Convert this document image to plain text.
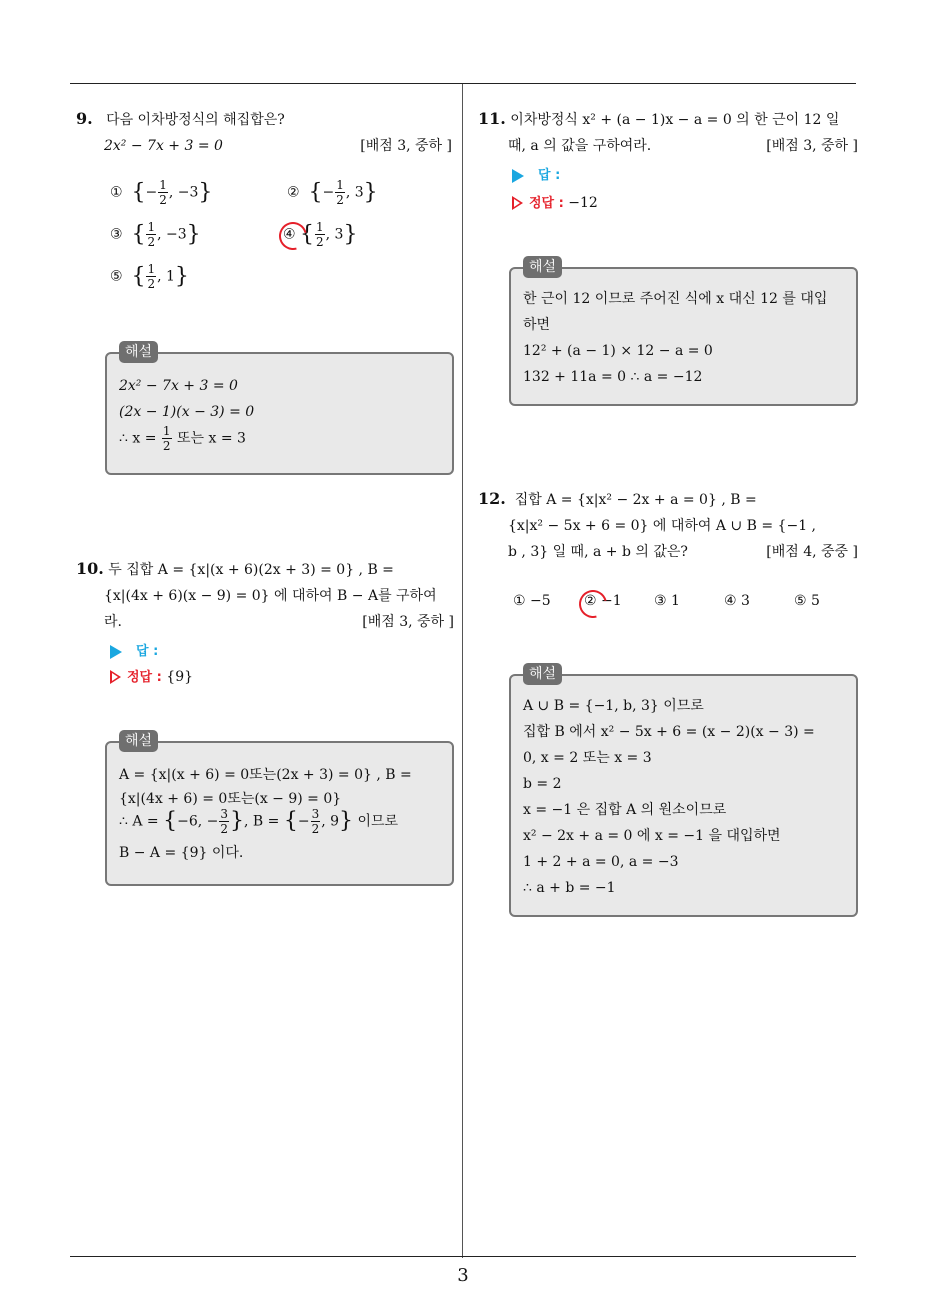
9. 다음 이차방정식의 해집합은?
2x² − 7x + 3 = 0	[배점 3, 중하 ]
① {− $\frac{1}{2}$ , −3}	② {− $\frac{1}{2}$ , 3}
③ { $\frac{1}{2}$ , −3}	④ { $\frac{1}{2}$ , 3}
⑤ { $\frac{1}{2}$ , 1}
해설
2x² − 7x + 3 = 0
(2x − 1)(x − 3) = 0
∴ $x = \frac{1}{2}$ 또는 x = 3
10. 두 집합 A = {x|(x + 6)(2x + 3) = 0} , B =
{x|(4x + 6)(x − 9) = 0} 에 대하여 B − A를 구하여
라.	[배점 3, 중하 ]
답 :
정답 : {9}
해설
A = {x|(x + 6) = 0또는(2x + 3) = 0} , B =
{x|(4x + 6) = 0또는(x − 9) = 0}
∴ A = {−6, − $\frac{3}{2}$ }, B = {− $\frac{3}{2}$ , 9} 이므로
B − A = {9} 이다.
11. 이차방정식 x² + (a − 1)x − a = 0 의 한 근이 12 일
때, a 의 값을 구하여라.	[배점 3, 중하 ]
답 :
정답 : −12
해설
한 근이 12 이므로 주어진 식에 x 대신 12 를 대입
하면
12² + (a − 1) × 12 − a = 0
132 + 11a = 0 ∴ a = −12
12. 집합 A = {x|x² − 2x + a = 0} , B =
{x|x² − 5x + 6 = 0} 에 대하여 A ∪ B = {−1 ,
b , 3} 일 때, a + b 의 값은?	[배점 4, 중중 ]
① −5 ② −1 ③ 1	④ 3	⑤ 5
해설
A ∪ B = {−1, b, 3} 이므로
집합 B 에서 x² − 5x + 6 = (x − 2)(x − 3) =
0, x = 2 또는 x = 3
b = 2
x = −1 은 집합 A 의 원소이므로
x² − 2x + a = 0 에 x = −1 을 대입하면
1 + 2 + a = 0, a = −3
∴ a + b = −1
3
